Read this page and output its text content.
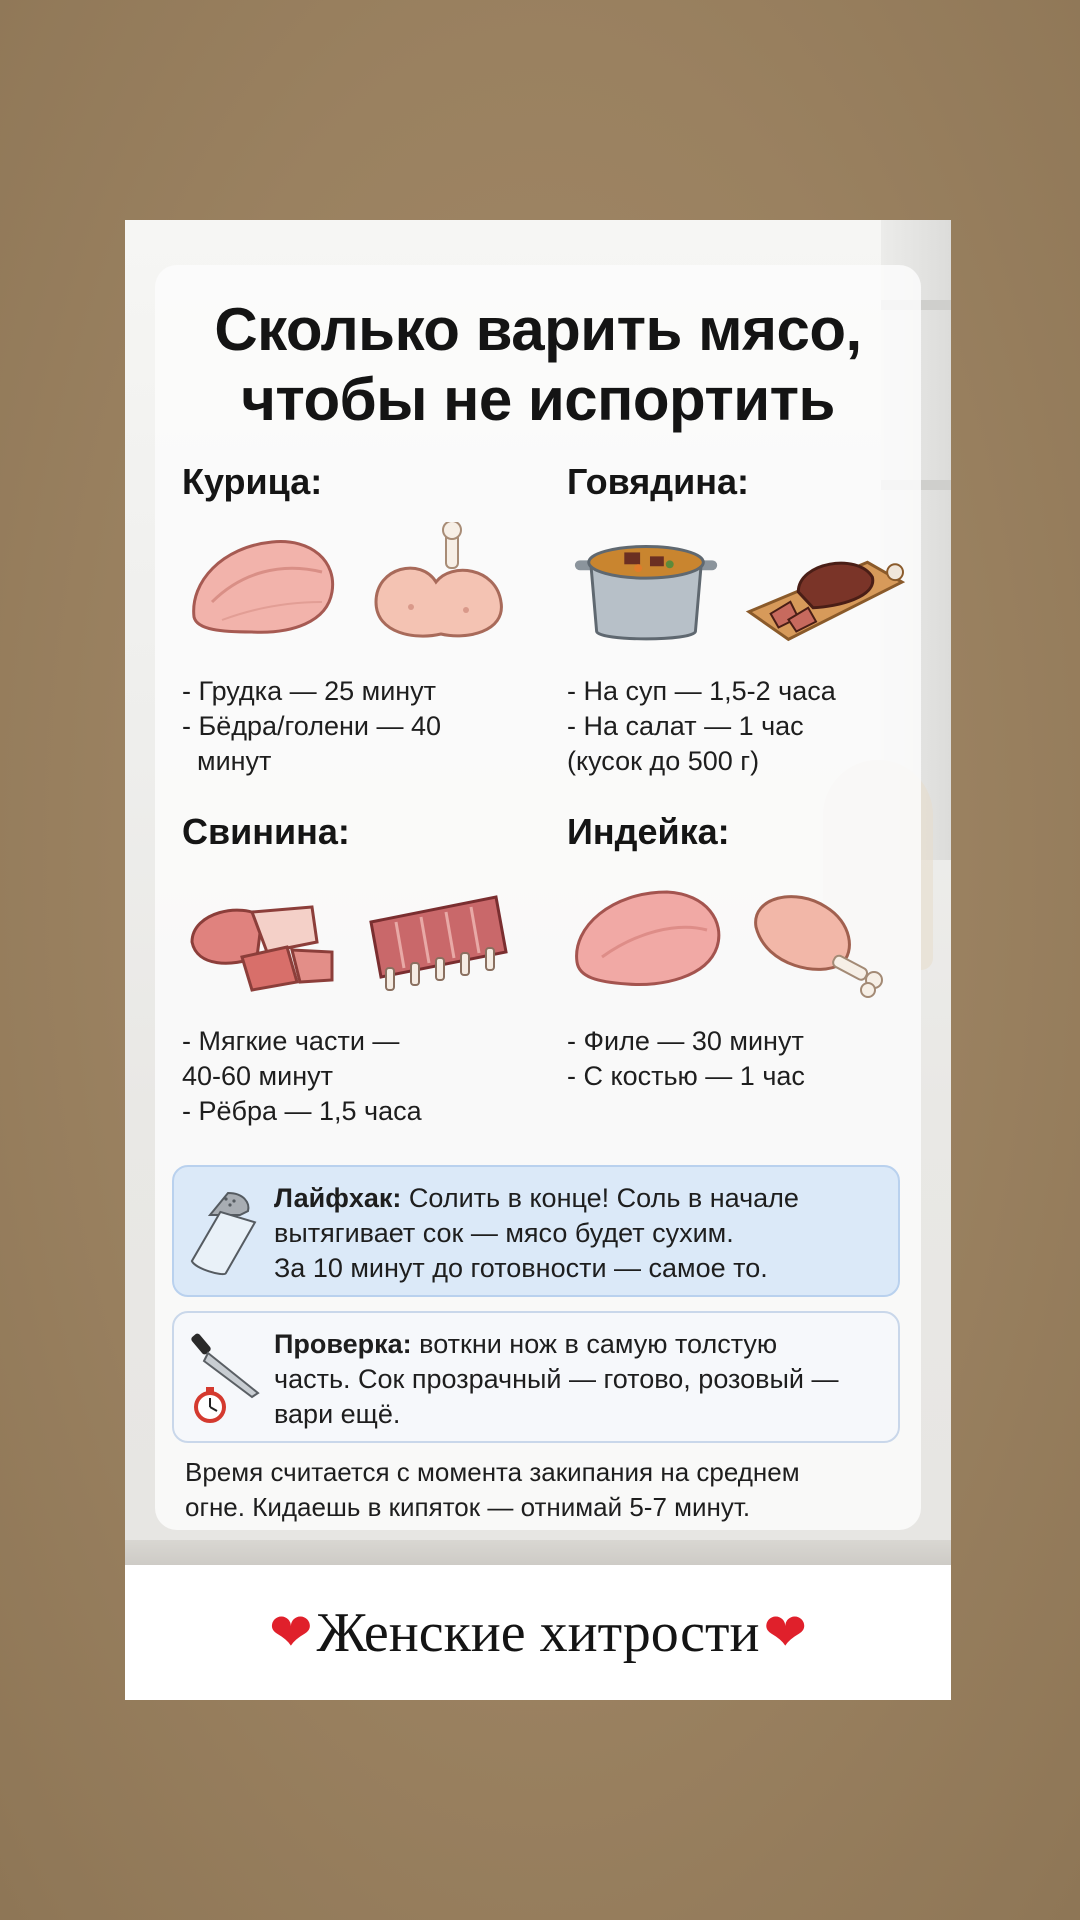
Сколько варить мясо,
чтобы не испортить
Курица:
- Грудка — 25 минут
- Бёдра/голени — 40
минут
Говядина:
- На суп — 1,5-2 часа
- На салат — 1 час
(кусок до 500 г)
Свинина:
- Мягкие части —
40-60 минут
- Рёбра — 1,5 часа
Индейка:
- Филе — 30 минут
- С костью — 1 час
Лайфхак: Солить в конце! Соль в начале
вытягивает сок — мясо будет сухим.
За 10 минут до готовности — самое то.
Проверка: воткни нож в самую толстую
часть. Сок прозрачный — готово, розовый —
вари ещё.
Время считается с момента закипания на среднем
огне. Кидаешь в кипяток — отнимай 5-7 минут.
❤ Женские хитрости ❤
